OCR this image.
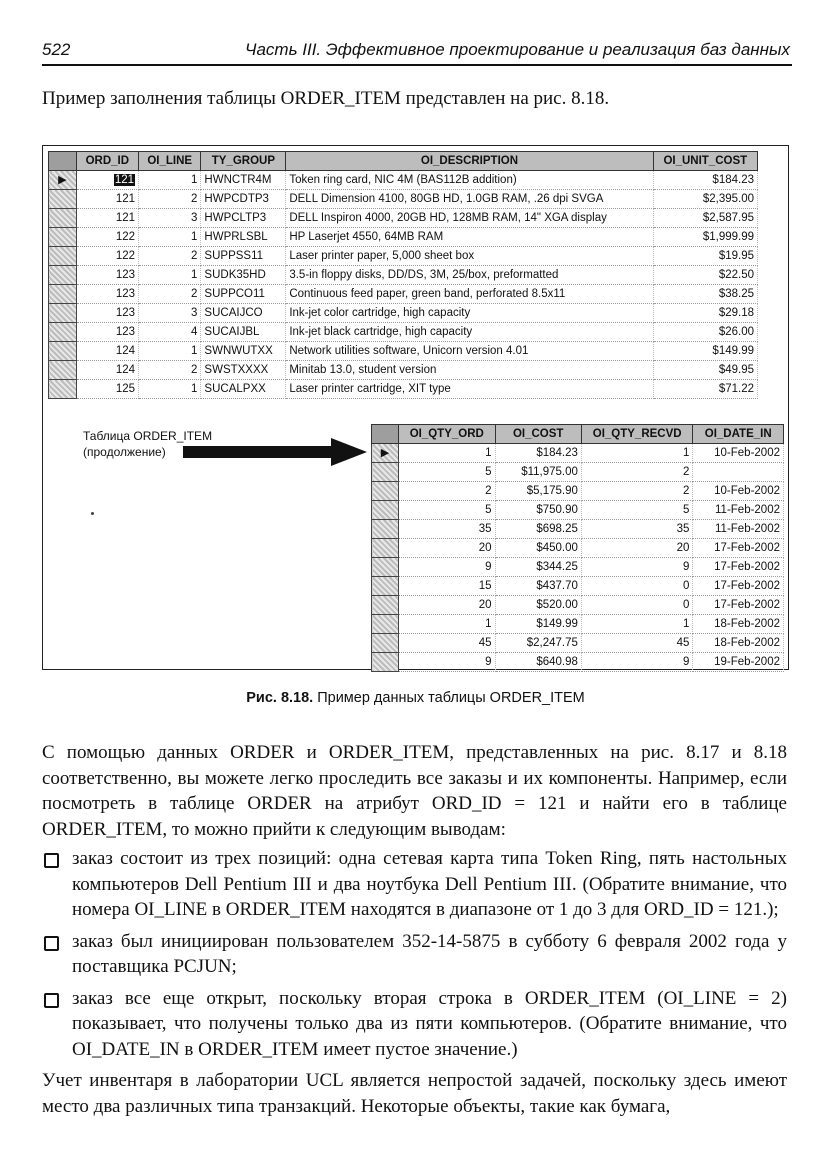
522	Часть III. Эффективное проектирование и реализация баз данных
Пример заполнения таблицы ORDER_ITEM представлен на рис. 8.18.
	ORD_ID	OI_LINE	TY_GROUP	OI_DESCRIPTION	OI_UNIT_COST
▶	121	1	HWNCTR4M	Token ring card, NIC 4M (BAS112B addition)	$184.23
	121	2	HWPCDTP3	DELL Dimension 4100, 80GB HD, 1.0GB RAM, .26 dpi SVGA	$2,395.00
	121	3	HWPCLTP3	DELL Inspiron 4000, 20GB HD, 128MB RAM, 14" XGA display	$2,587.95
	122	1	HWPRLSBL	HP Laserjet 4550, 64MB RAM	$1,999.99
	122	2	SUPPSS11	Laser printer paper, 5,000 sheet box	$19.95
	123	1	SUDK35HD	3.5-in floppy disks, DD/DS, 3M, 25/box, preformatted	$22.50
	123	2	SUPPCO11	Continuous feed paper, green band, perforated 8.5x11	$38.25
	123	3	SUCAIJCO	Ink-jet color cartridge, high capacity	$29.18
	123	4	SUCAIJBL	Ink-jet black cartridge, high capacity	$26.00
	124	1	SWNWUTXX	Network utilities software, Unicorn version 4.01	$149.99
	124	2	SWSTXXXX	Minitab 13.0, student version	$49.95
	125	1	SUCALPXX	Laser printer cartridge, XIT type	$71.22
Таблица ORDER_ITEM
(продолжение)
	OI_QTY_ORD	OI_COST	OI_QTY_RECVD	OI_DATE_IN
▶	1	$184.23	1	10-Feb-2002
	5	$11,975.00	2	
	2	$5,175.90	2	10-Feb-2002
	5	$750.90	5	11-Feb-2002
	35	$698.25	35	11-Feb-2002
	20	$450.00	20	17-Feb-2002
	9	$344.25	9	17-Feb-2002
	15	$437.70	0	17-Feb-2002
	20	$520.00	0	17-Feb-2002
	1	$149.99	1	18-Feb-2002
	45	$2,247.75	45	18-Feb-2002
	9	$640.98	9	19-Feb-2002
Рис. 8.18. Пример данных таблицы ORDER_ITEM

С помощью данных ORDER и ORDER_ITEM, представленных на рис. 8.17 и 8.18 соответственно, вы можете легко проследить все заказы и их компоненты. Например, если посмотреть в таблице ORDER на атрибут ORD_ID = 121 и найти его в таблице ORDER_ITEM, то можно прийти к следующим выводам:

заказ состоит из трех позиций: одна сетевая карта типа Token Ring, пять настольных компьютеров Dell Pentium III и два ноутбука Dell Pentium III. (Обратите внимание, что номера OI_LINE в ORDER_ITEM находятся в диапазоне от 1 до 3 для ORD_ID = 121.);
заказ был инициирован пользователем 352-14-5875 в субботу 6 февраля 2002 года у поставщика PCJUN;
заказ все еще открыт, поскольку вторая строка в ORDER_ITEM (OI_LINE = 2) показывает, что получены только два из пяти компьютеров. (Обратите внимание, что OI_DATE_IN в ORDER_ITEM имеет пустое значение.)

Учет инвентаря в лаборатории UCL является непростой задачей, поскольку здесь имеют место два различных типа транзакций. Некоторые объекты, такие как бумага,
